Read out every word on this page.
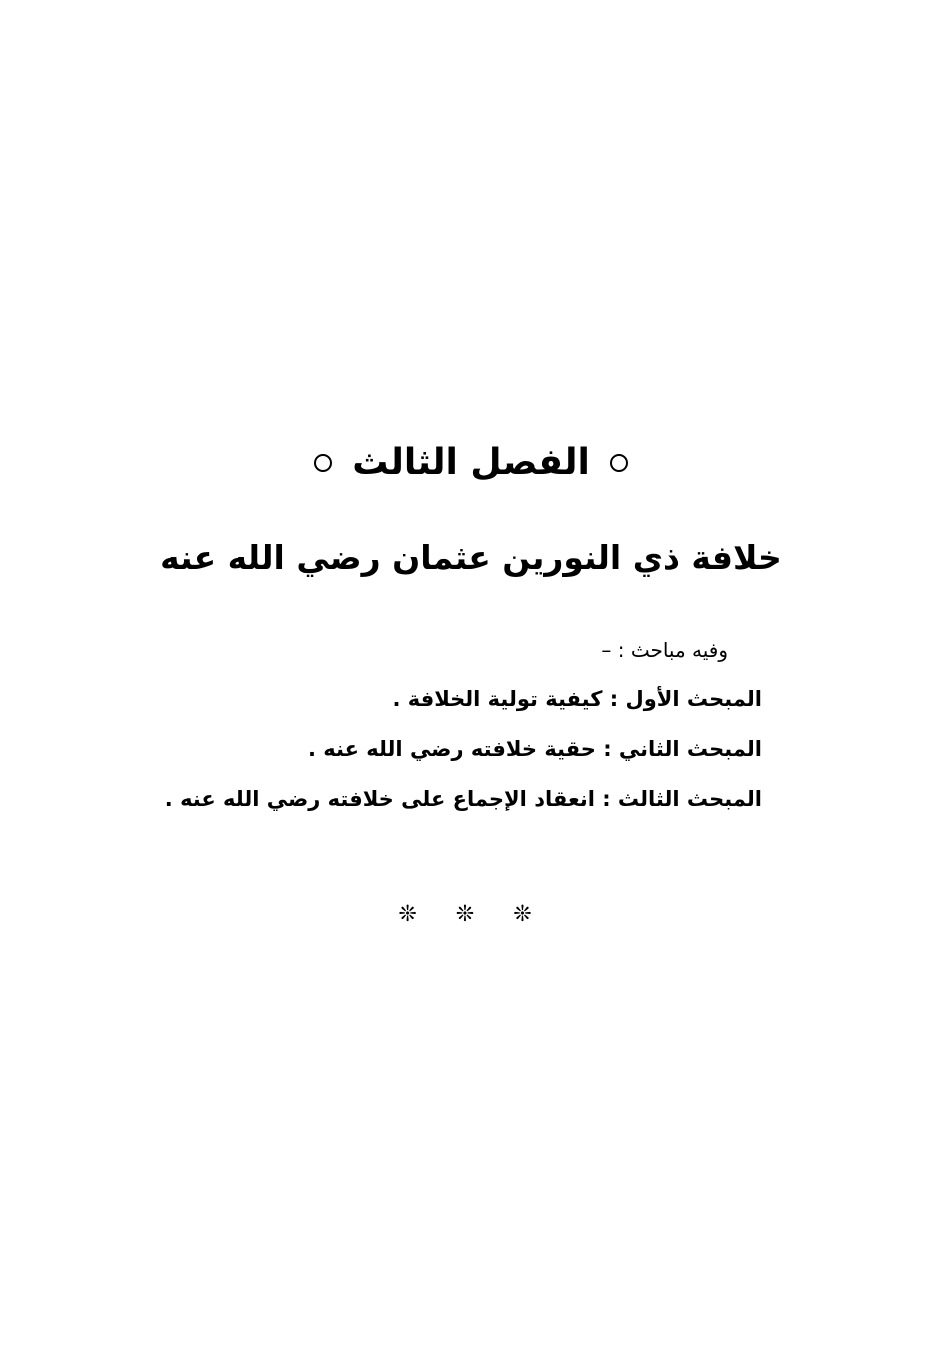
الفصل الثالث
خلافة ذي النورين عثمان رضي الله عنه
وفيه مباحث : –
المبحث الأول : كيفية تولية الخلافة .
المبحث الثاني : حقية خلافته رضي الله عنه .
المبحث الثالث : انعقاد الإجماع على خلافته رضي الله عنه .
❊ ❊ ❊
